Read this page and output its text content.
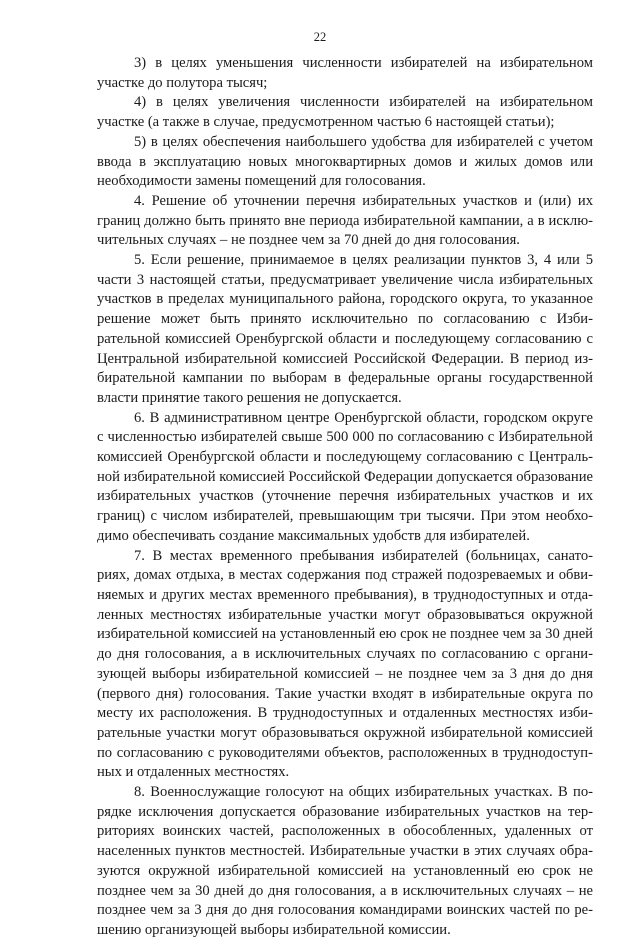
22

3) в целях уменьшения численности избирателей на избирательном участке до полутора тысяч;

4) в целях увеличения численности избирателей на избирательном участке (а также в случае, предусмотренном частью 6 настоящей статьи);

5) в целях обеспечения наибольшего удобства для избирателей с учетом ввода в эксплуатацию новых многоквартирных домов и жилых домов или необходимости замены помещений для голосования.

4. Решение об уточнении перечня избирательных участков и (или) их границ должно быть принято вне периода избирательной кампании, а в исключительных случаях – не позднее чем за 70 дней до дня голосования.

5. Если решение, принимаемое в целях реализации пунктов 3, 4 или 5 части 3 настоящей статьи, предусматривает увеличение числа избирательных участков в пределах муниципального района, городского округа, то указанное решение может быть принято исключительно по согласованию с Избирательной комиссией Оренбургской области и последующему согласованию с Центральной избирательной комиссией Российской Федерации. В период избирательной кампании по выборам в федеральные органы государственной власти принятие такого решения не допускается.

6. В административном центре Оренбургской области, городском округе с численностью избирателей свыше 500 000 по согласованию с Избирательной комиссией Оренбургской области и последующему согласованию с Центральной избирательной комиссией Российской Федерации допускается образование избирательных участков (уточнение перечня избирательных участков и их границ) с числом избирателей, превышающим три тысячи. При этом необходимо обеспечивать создание максимальных удобств для избирателей.

7. В местах временного пребывания избирателей (больницах, санаториях, домах отдыха, в местах содержания под стражей подозреваемых и обвиняемых и других местах временного пребывания), в труднодоступных и отдаленных местностях избирательные участки могут образовываться окружной избирательной комиссией на установленный ею срок не позднее чем за 30 дней до дня голосования, а в исключительных случаях по согласованию с организующей выборы избирательной комиссией – не позднее чем за 3 дня до дня (первого дня) голосования. Такие участки входят в избирательные округа по месту их расположения. В труднодоступных и отдаленных местностях избирательные участки могут образовываться окружной избирательной комиссией по согласованию с руководителями объектов, расположенных в труднодоступных и отдаленных местностях.

8. Военнослужащие голосуют на общих избирательных участках. В порядке исключения допускается образование избирательных участков на территориях воинских частей, расположенных в обособленных, удаленных от населенных пунктов местностей. Избирательные участки в этих случаях образуются окружной избирательной комиссией на установленный ею срок не позднее чем за 30 дней до дня голосования, а в исключительных случаях – не позднее чем за 3 дня до дня голосования командирами воинских частей по решению организующей выборы избирательной комиссии.
